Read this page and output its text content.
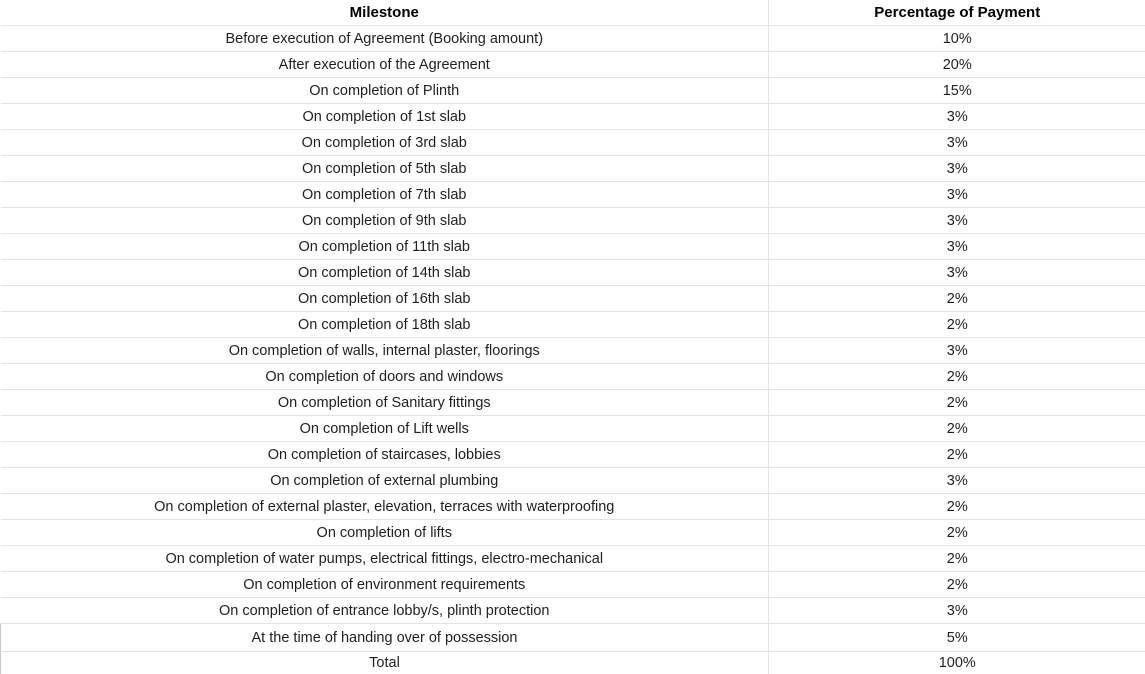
Milestone	Percentage of Payment
Before execution of Agreement (Booking amount)	10%
After execution of the Agreement	20%
On completion of Plinth	15%
On completion of 1st slab	3%
On completion of 3rd slab	3%
On completion of 5th slab	3%
On completion of 7th slab	3%
On completion of 9th slab	3%
On completion of 11th slab	3%
On completion of 14th slab	3%
On completion of 16th slab	2%
On completion of 18th slab	2%
On completion of walls, internal plaster, floorings	3%
On completion of doors and windows	2%
On completion of Sanitary fittings	2%
On completion of Lift wells	2%
On completion of staircases, lobbies	2%
On completion of external plumbing	3%
On completion of external plaster, elevation, terraces with waterproofing	2%
On completion of lifts	2%
On completion of water pumps, electrical fittings, electro-mechanical	2%
On completion of environment requirements	2%
On completion of entrance lobby/s, plinth protection	3%
At the time of handing over of possession	5%
Total	100%
